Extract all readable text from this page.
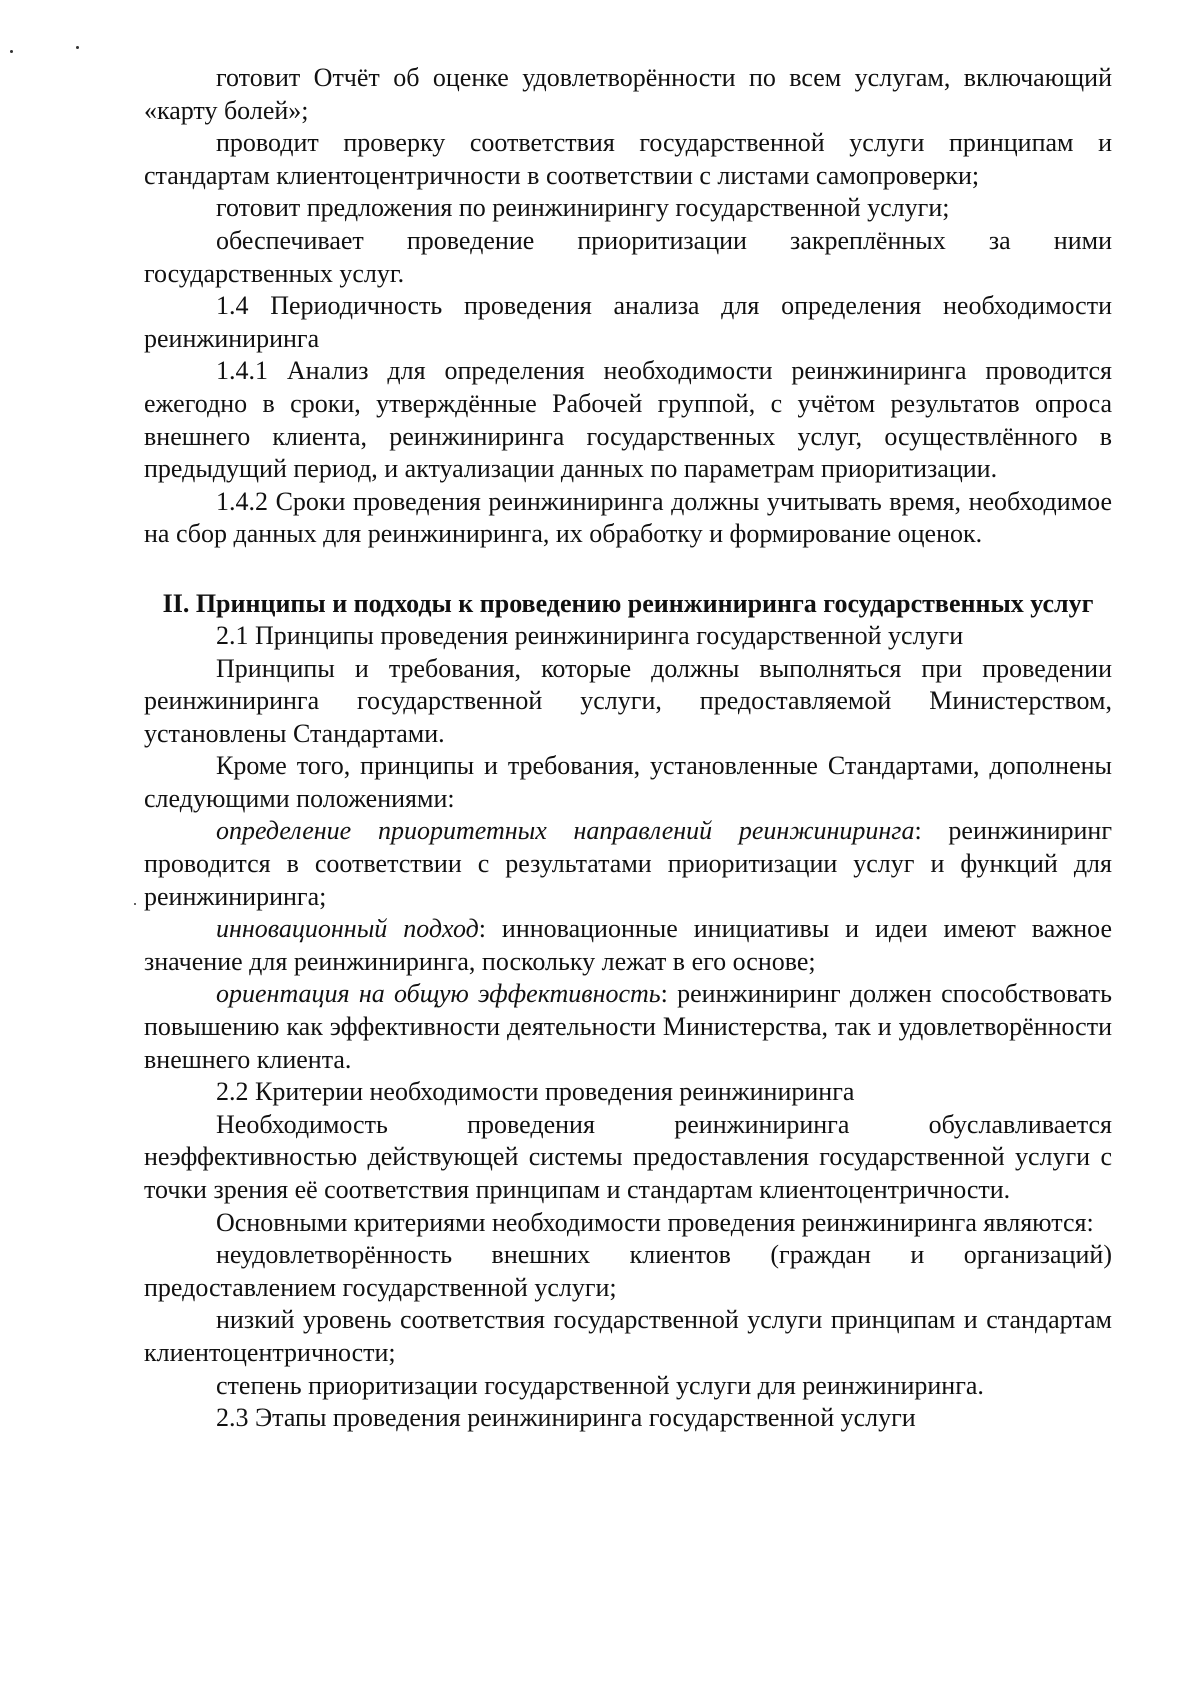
готовит Отчёт об оценке удовлетворённости по всем услугам, включающий «карту болей»;

проводит проверку соответствия государственной услуги принципам и стандартам клиентоцентричности в соответствии с листами самопроверки;

готовит предложения по реинжинирингу государственной услуги;

обеспечивает проведение приоритизации закреплённых за ними государственных услуг.

1.4 Периодичность проведения анализа для определения необходимости реинжиниринга

1.4.1 Анализ для определения необходимости реинжиниринга проводится ежегодно в сроки, утверждённые Рабочей группой, с учётом результатов опроса внешнего клиента, реинжиниринга государственных услуг, осуществлённого в предыдущий период, и актуализации данных по параметрам приоритизации.

1.4.2 Сроки проведения реинжиниринга должны учитывать время, необходимое на сбор данных для реинжиниринга, их обработку и формирование оценок.

II. Принципы и подходы к проведению реинжиниринга государственных услуг

2.1 Принципы проведения реинжиниринга государственной услуги

Принципы и требования, которые должны выполняться при проведении реинжиниринга государственной услуги, предоставляемой Министерством, установлены Стандартами.

Кроме того, принципы и требования, установленные Стандартами, дополнены следующими положениями:

определение приоритетных направлений реинжиниринга: реинжиниринг проводится в соответствии с результатами приоритизации услуг и функций для реинжиниринга;

инновационный подход: инновационные инициативы и идеи имеют важное значение для реинжиниринга, поскольку лежат в его основе;

ориентация на общую эффективность: реинжиниринг должен способствовать повышению как эффективности деятельности Министерства, так и удовлетворённости внешнего клиента.

2.2 Критерии необходимости проведения реинжиниринга

Необходимость проведения реинжиниринга обуславливается неэффективностью действующей системы предоставления государственной услуги с точки зрения её соответствия принципам и стандартам клиентоцентричности.

Основными критериями необходимости проведения реинжиниринга являются:

неудовлетворённость внешних клиентов (граждан и организаций) предоставлением государственной услуги;

низкий уровень соответствия государственной услуги принципам и стандартам клиентоцентричности;

степень приоритизации государственной услуги для реинжиниринга.

2.3 Этапы проведения реинжиниринга государственной услуги
